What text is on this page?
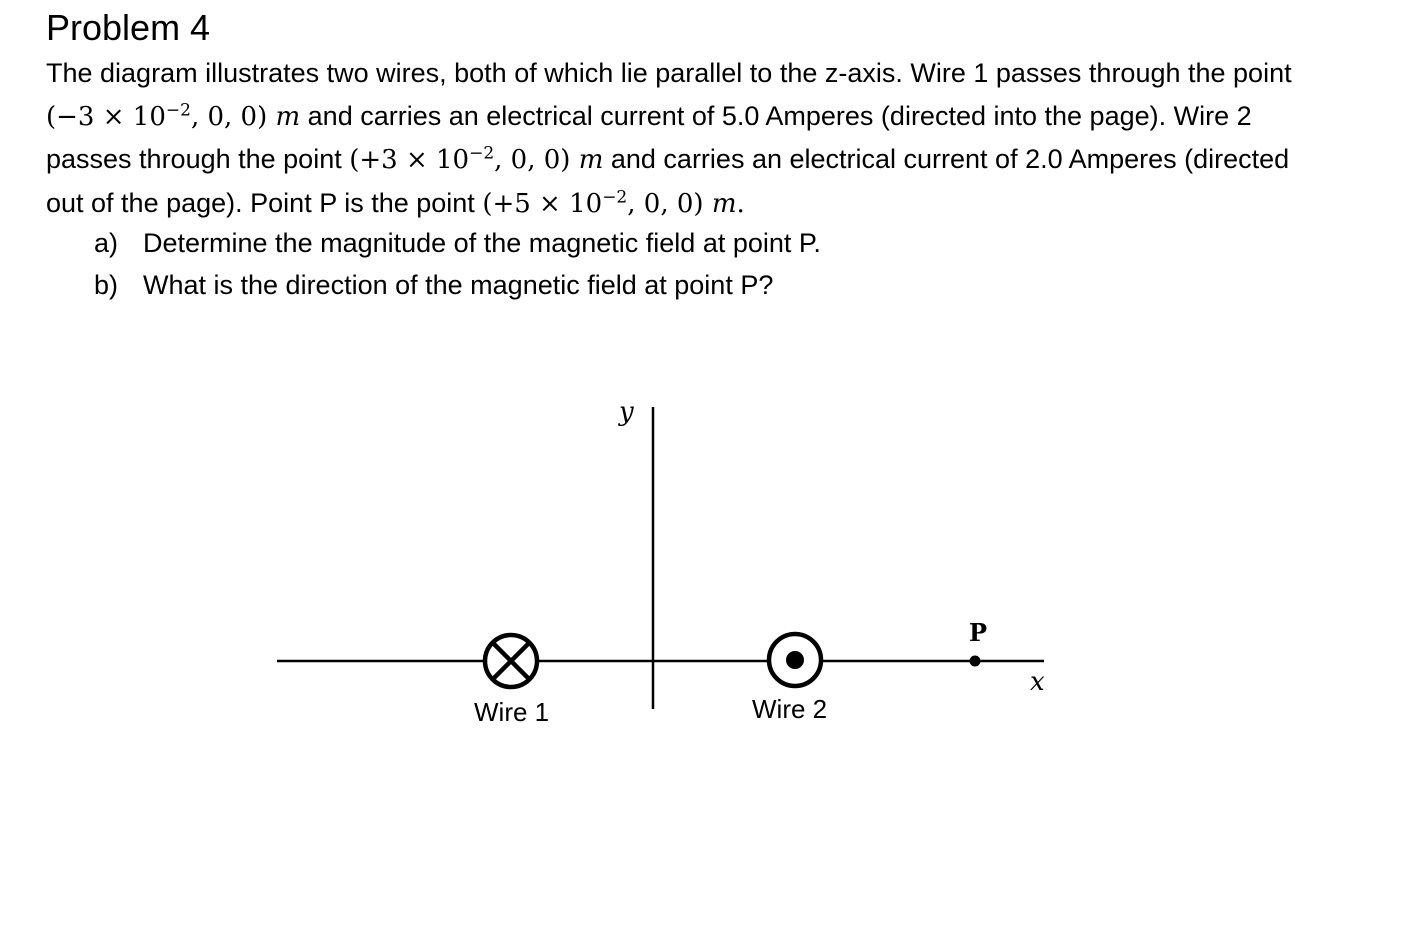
Problem 4

The diagram illustrates two wires, both of which lie parallel to the z-axis. Wire 1 passes through the point ($-3 \times 10^{-2}$, 0, 0) m and carries an electrical current of 5.0 Amperes (directed into the page). Wire 2 passes through the point ($+3 \times 10^{-2}$, 0, 0) m and carries an electrical current of 2.0 Amperes (directed out of the page). Point P is the point ($+5 \times 10^{-2}$, 0, 0) m.

a) Determine the magnitude of the magnetic field at point P.
b) What is the direction of the magnetic field at point P?
y
x
Wire 1	Wire 2
P
